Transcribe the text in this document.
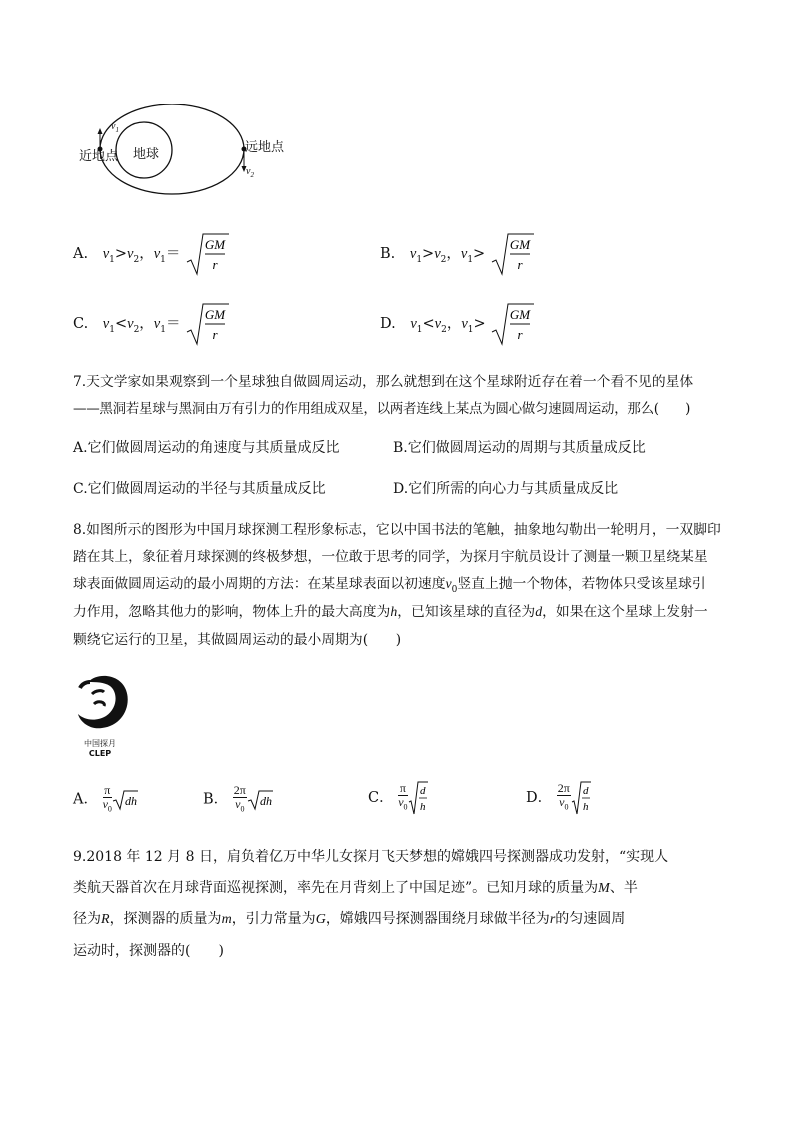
地球
近地点
远地点
$v_1$
$v_2$
A. $v_1>v_2$，$v_1=$
GM
r
B. $v_1>v_2$，$v_1>$
GM
r
C. $v_1<v_2$，$v_1=$
GM
r
D. $v_1<v_2$，$v_1>$
GM
r
7.天文学家如果观察到一个星球独自做圆周运动，那么就想到在这个星球附近存在着一个看不见的星体
——黑洞若星球与黑洞由万有引力的作用组成双星，以两者连线上某点为圆心做匀速圆周运动，那么(　　)
A.它们做圆周运动的角速度与其质量成反比	B.它们做圆周运动的周期与其质量成反比
C.它们做圆周运动的半径与其质量成反比	D.它们所需的向心力与其质量成反比
8.如图所示的图形为中国月球探测工程形象标志，它以中国书法的笔触，抽象地勾勒出一轮明月，一双脚印
踏在其上，象征着月球探测的终极梦想，一位敢于思考的同学，为探月宇航员设计了测量一颗卫星绕某星
球表面做圆周运动的最小周期的方法：在某星球表面以初速度$v_0$竖直上抛一个物体，若物体只受该星球引
力作用，忽略其他力的影响，物体上升的最大高度为h，已知该星球的直径为d，如果在这个星球上发射一
颗绕它运行的卫星，其做圆周运动的最小周期为(　　)
中国探月
CLEP
A． $\frac{\pi}{v_0}$ dh	B． $\frac{2\pi}{v_0}$ dh	C． $\frac{\pi}{v_0}$ d
h
D． $\frac{2\pi}{v_0}$ d
h
9.2018 年 12 月 8 日，肩负着亿万中华儿女探月飞天梦想的嫦娥四号探测器成功发射，“实现人
类航天器首次在月球背面巡视探测，率先在月背刻上了中国足迹”。已知月球的质量为M、半
径为R，探测器的质量为m，引力常量为G，嫦娥四号探测器围绕月球做半径为r的匀速圆周
运动时，探测器的(　　)
